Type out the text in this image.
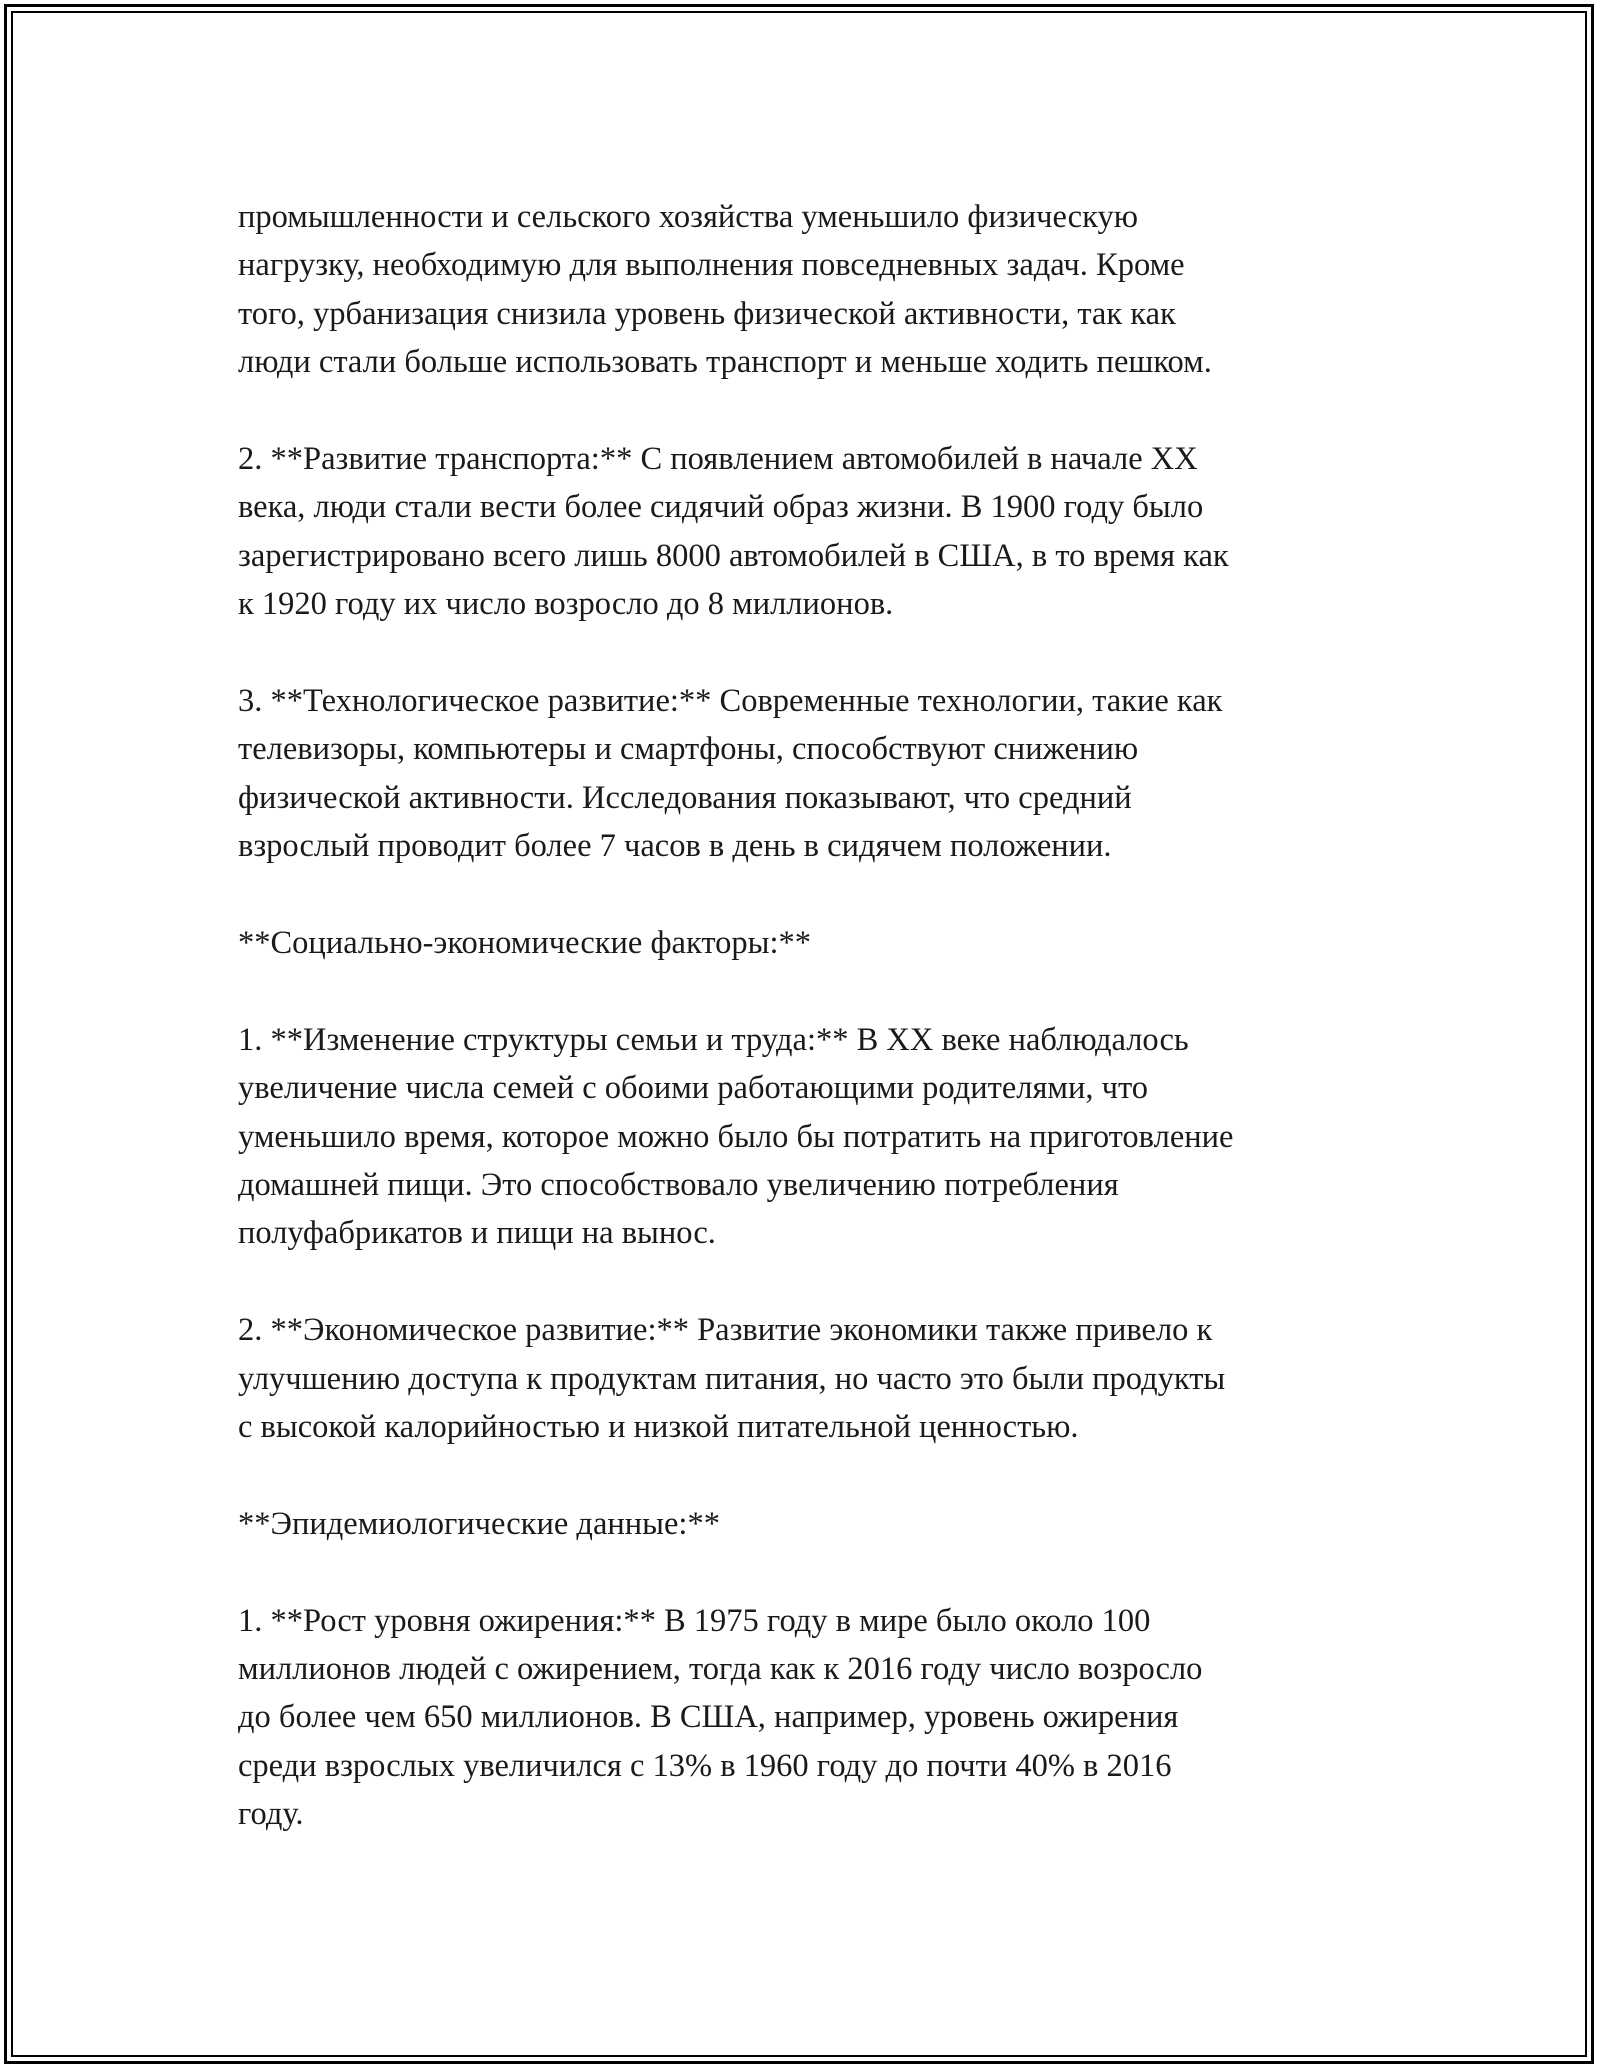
промышленности и сельского хозяйства уменьшило физическую
нагрузку, необходимую для выполнения повседневных задач. Кроме
того, урбанизация снизила уровень физической активности, так как
люди стали больше использовать транспорт и меньше ходить пешком.

2. **Развитие транспорта:** С появлением автомобилей в начале XX
века, люди стали вести более сидячий образ жизни. В 1900 году было
зарегистрировано всего лишь 8000 автомобилей в США, в то время как
к 1920 году их число возросло до 8 миллионов.

3. **Технологическое развитие:** Современные технологии, такие как
телевизоры, компьютеры и смартфоны, способствуют снижению
физической активности. Исследования показывают, что средний
взрослый проводит более 7 часов в день в сидячем положении.

**Социально-экономические факторы:**

1. **Изменение структуры семьи и труда:** В XX веке наблюдалось
увеличение числа семей с обоими работающими родителями, что
уменьшило время, которое можно было бы потратить на приготовление
домашней пищи. Это способствовало увеличению потребления
полуфабрикатов и пищи на вынос.

2. **Экономическое развитие:** Развитие экономики также привело к
улучшению доступа к продуктам питания, но часто это были продукты
с высокой калорийностью и низкой питательной ценностью.

**Эпидемиологические данные:**

1. **Рост уровня ожирения:** В 1975 году в мире было около 100
миллионов людей с ожирением, тогда как к 2016 году число возросло
до более чем 650 миллионов. В США, например, уровень ожирения
среди взрослых увеличился с 13% в 1960 году до почти 40% в 2016
году.
